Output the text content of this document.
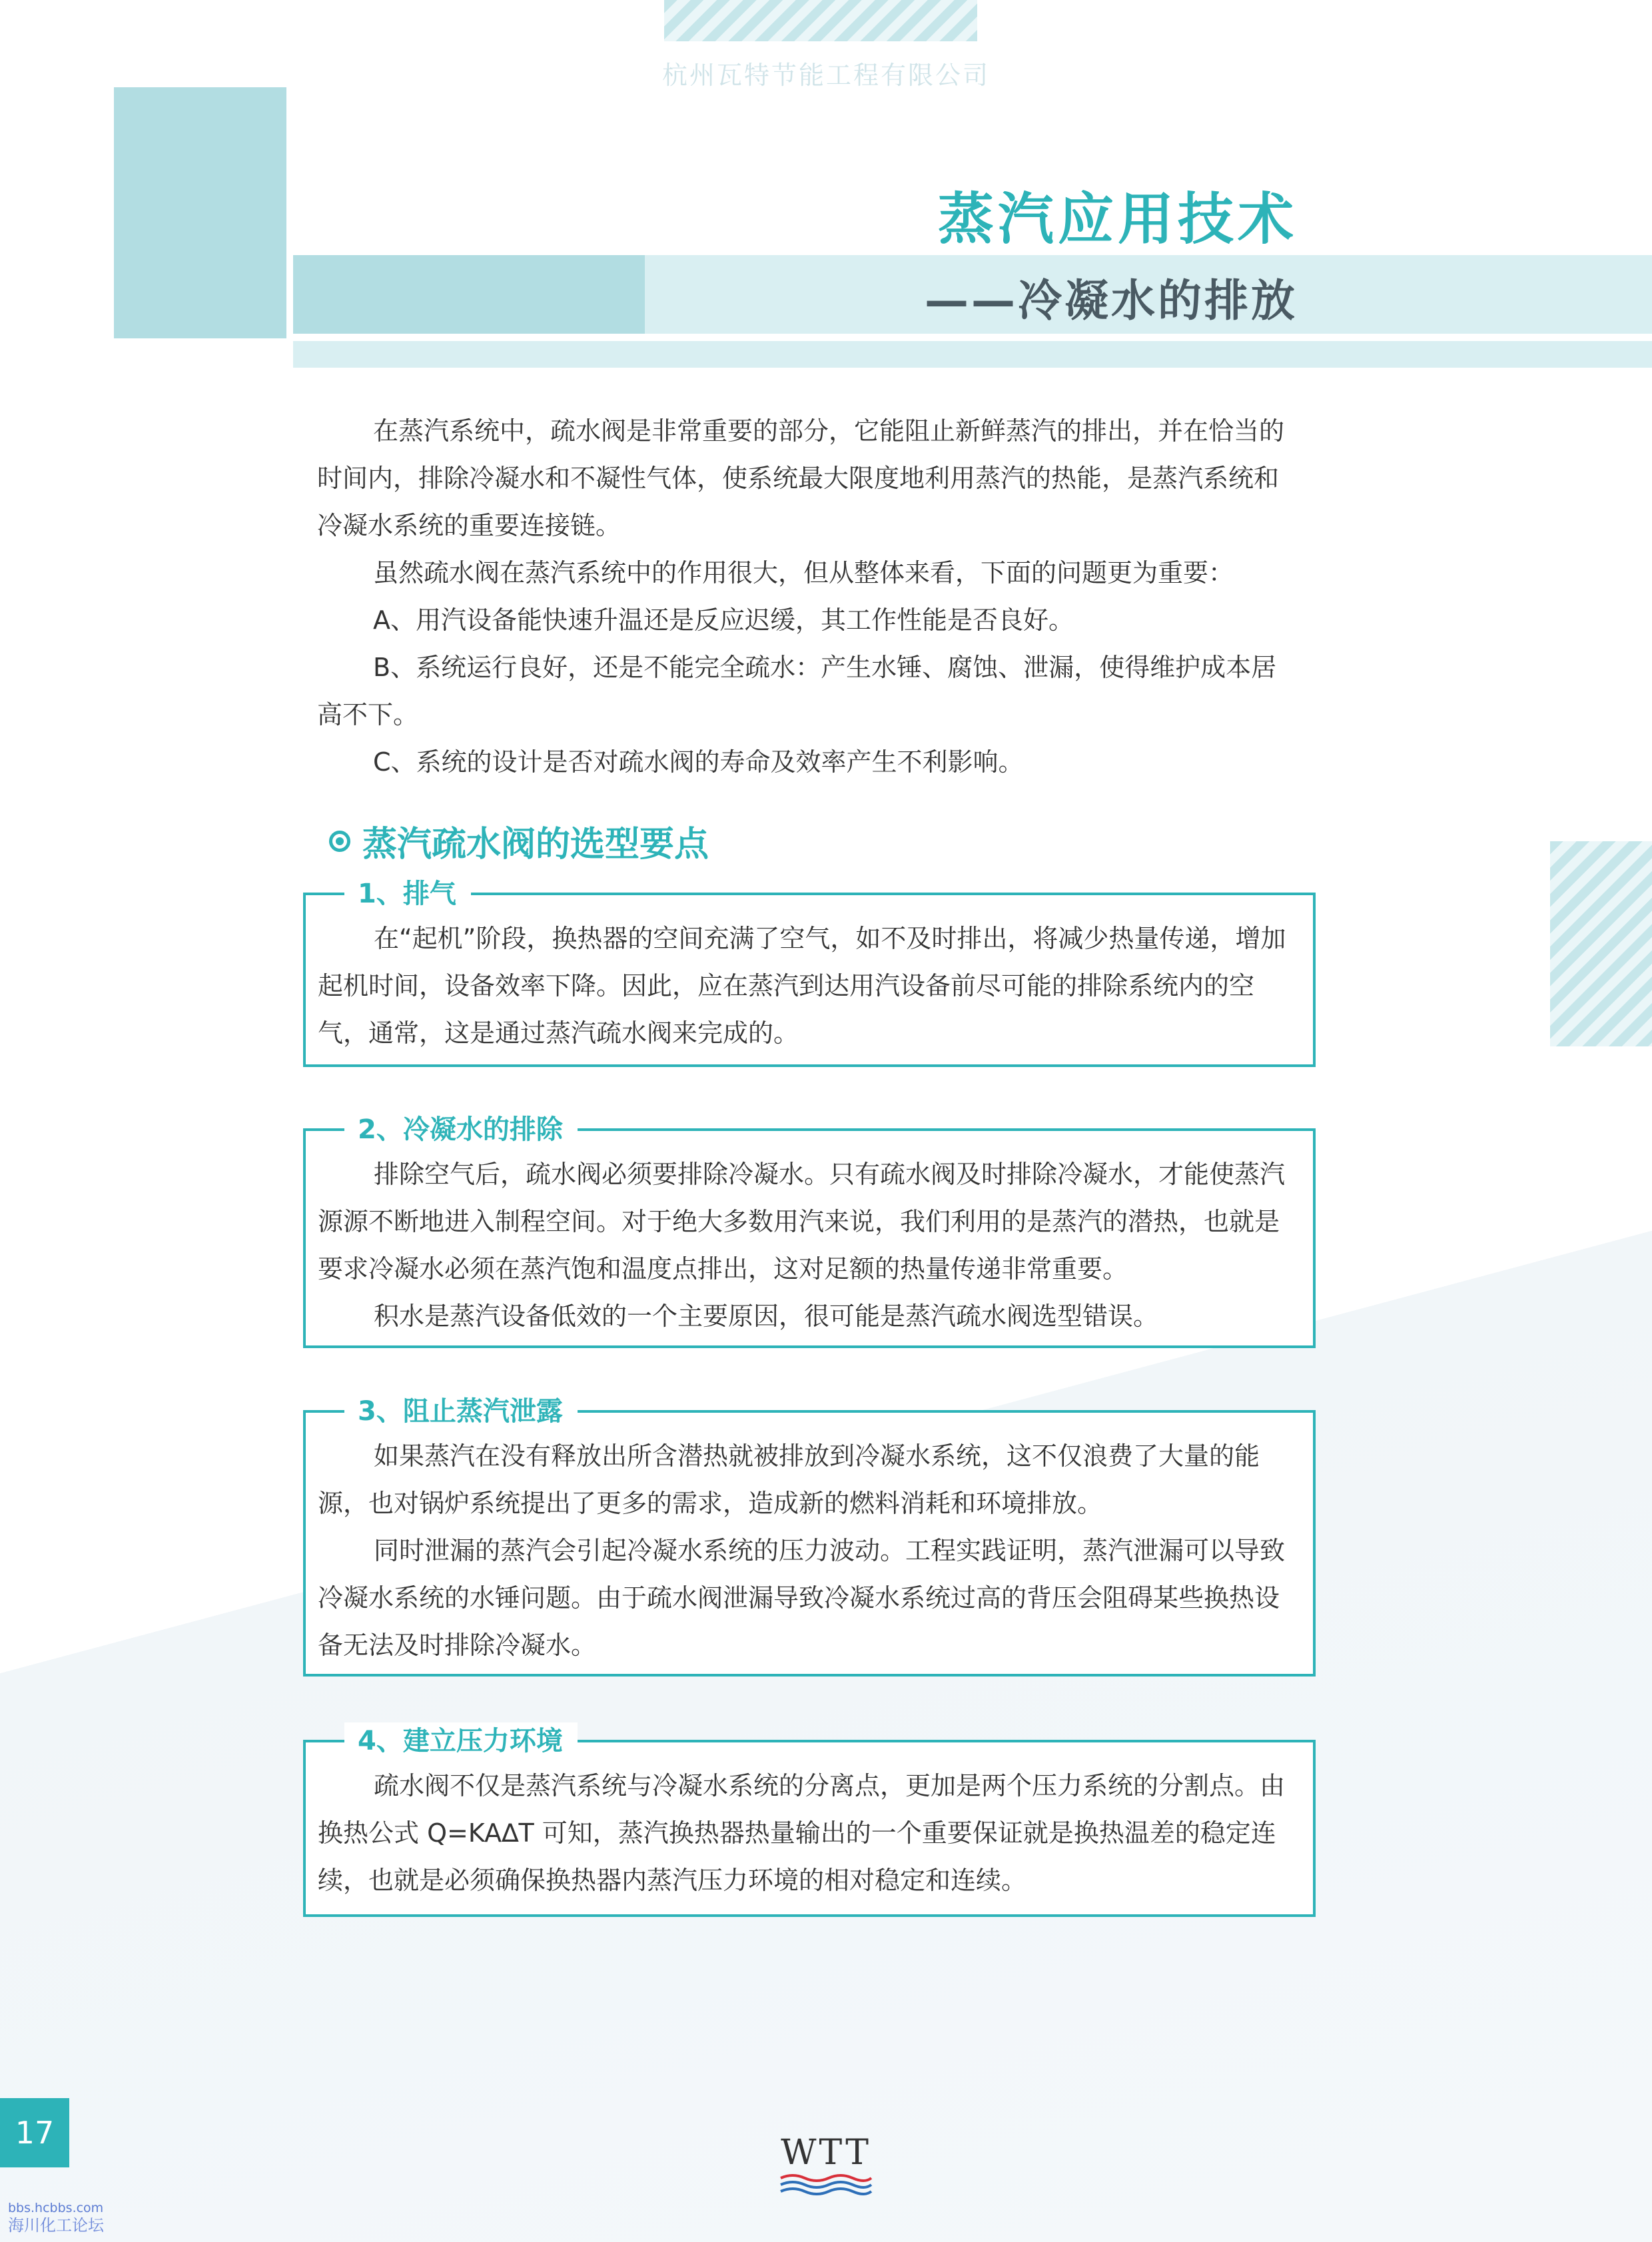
杭州瓦特节能工程有限公司
蒸汽应用技术
——冷凝水的排放

在蒸汽系统中，疏水阀是非常重要的部分，它能阻止新鲜蒸汽的排出，并在恰当的时间内，排除冷凝水和不凝性气体，使系统最大限度地利用蒸汽的热能，是蒸汽系统和冷凝水系统的重要连接链。

虽然疏水阀在蒸汽系统中的作用很大，但从整体来看，下面的问题更为重要：

A、用汽设备能快速升温还是反应迟缓，其工作性能是否良好。

B、系统运行良好，还是不能完全疏水：产生水锤、腐蚀、泄漏，使得维护成本居高不下。

C、系统的设计是否对疏水阀的寿命及效率产生不利影响。

蒸汽疏水阀的选型要点
1、排气

在“起机”阶段，换热器的空间充满了空气，如不及时排出，将减少热量传递，增加起机时间，设备效率下降。因此，应在蒸汽到达用汽设备前尽可能的排除系统内的空气，通常，这是通过蒸汽疏水阀来完成的。

2、冷凝水的排除

排除空气后，疏水阀必须要排除冷凝水。只有疏水阀及时排除冷凝水，才能使蒸汽源源不断地进入制程空间。对于绝大多数用汽来说，我们利用的是蒸汽的潜热，也就是要求冷凝水必须在蒸汽饱和温度点排出，这对足额的热量传递非常重要。

积水是蒸汽设备低效的一个主要原因，很可能是蒸汽疏水阀选型错误。

3、阻止蒸汽泄露

如果蒸汽在没有释放出所含潜热就被排放到冷凝水系统，这不仅浪费了大量的能源，也对锅炉系统提出了更多的需求，造成新的燃料消耗和环境排放。

同时泄漏的蒸汽会引起冷凝水系统的压力波动。工程实践证明，蒸汽泄漏可以导致冷凝水系统的水锤问题。由于疏水阀泄漏导致冷凝水系统过高的背压会阻碍某些换热设备无法及时排除冷凝水。

4、建立压力环境

疏水阀不仅是蒸汽系统与冷凝水系统的分离点，更加是两个压力系统的分割点。由换热公式 Q=KA∆T 可知，蒸汽换热器热量输出的一个重要保证就是换热温差的稳定连续，也就是必须确保换热器内蒸汽压力环境的相对稳定和连续。

17	WTT
bbs.hcbbs.com
海川化工论坛
